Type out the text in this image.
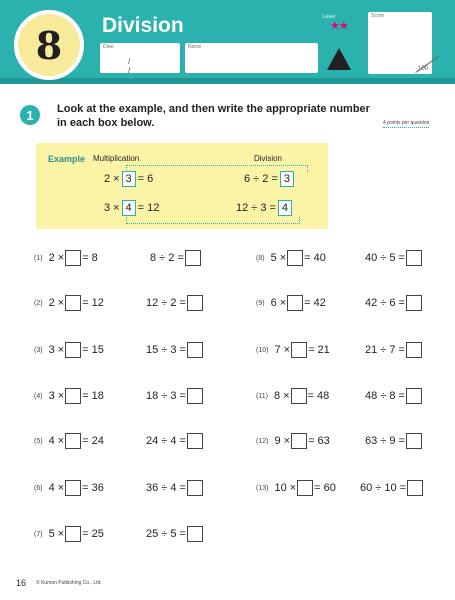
8 Division
Date
/ /
Name
Level
★★
Score
100
1	Look at the example, and then write the appropriate number in each box below.	4 points per question
Example Multiplication	Division
2 × 3 = 6	6 ÷ 2 = 3
3 × 4 = 12	12 ÷ 3 = 4
(1) 2 × = 8	8 ÷ 2 =
(2) 2 × = 12	12 ÷ 2 =
(3) 3 × = 15	15 ÷ 3 =
(4) 3 × = 18	18 ÷ 3 =
(5) 4 × = 24	24 ÷ 4 =
(6) 4 × = 36	36 ÷ 4 =
(7) 5 × = 25	25 ÷ 5 =
(8) 5 × = 40	40 ÷ 5 =
(9) 6 × = 42	42 ÷ 6 =
(10) 7 × = 21	21 ÷ 7 =
(11) 8 × = 48	48 ÷ 8 =
(12) 9 × = 63	63 ÷ 9 =
(13) 10 × = 60 60 ÷ 10 =
16 © Kumon Publishing Co., Ltd.
